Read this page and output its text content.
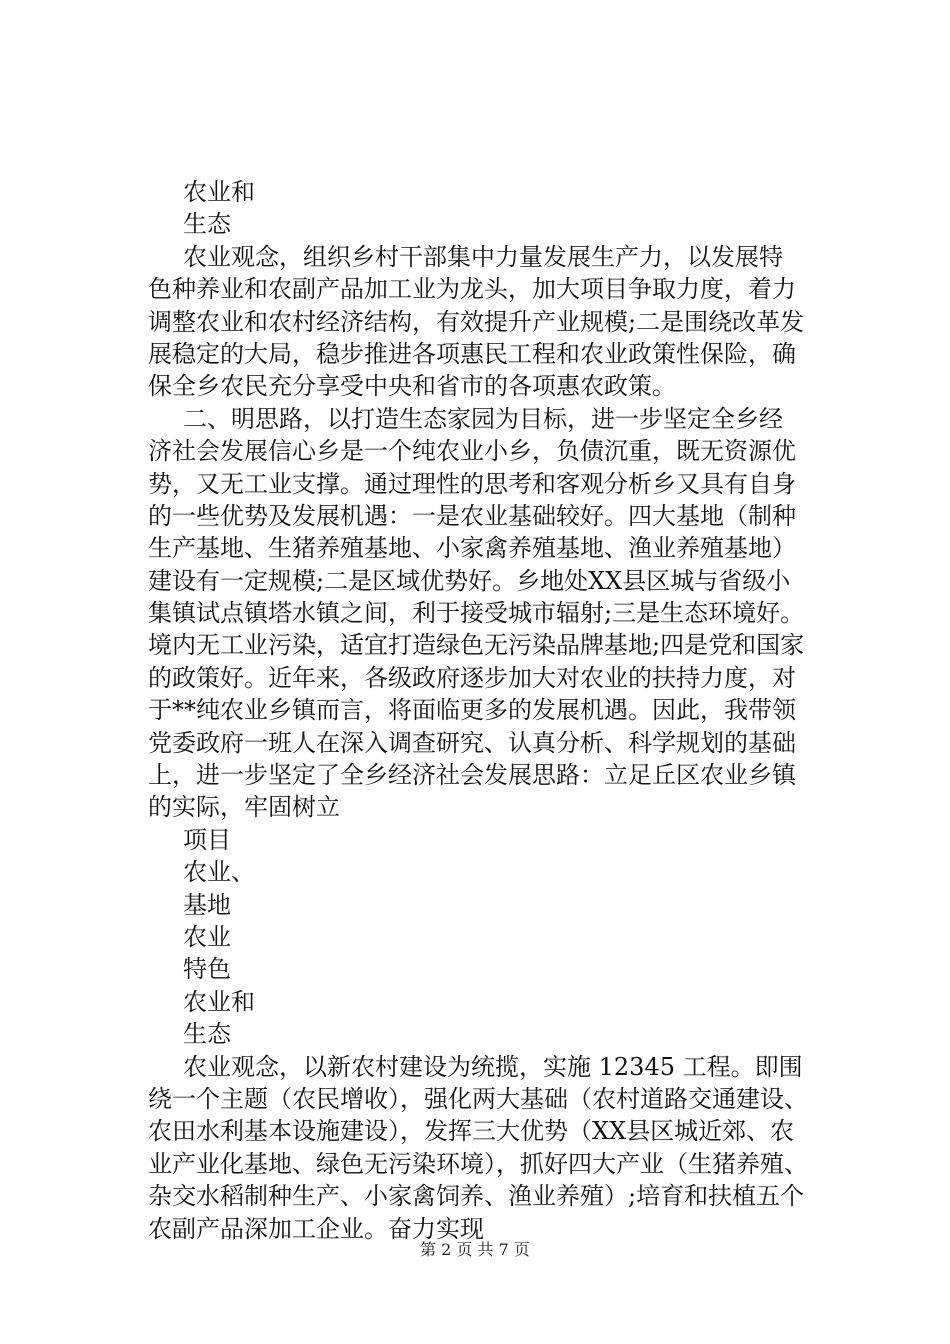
农业和
生态
农业观念，组织乡村干部集中力量发展生产力，以发展特
色种养业和农副产品加工业为龙头，加大项目争取力度，着力
调整农业和农村经济结构，有效提升产业规模;二是围绕改革发
展稳定的大局，稳步推进各项惠民工程和农业政策性保险，确
保全乡农民充分享受中央和省市的各项惠农政策。
二、明思路，以打造生态家园为目标，进一步坚定全乡经
济社会发展信心乡是一个纯农业小乡，负债沉重，既无资源优
势，又无工业支撑。通过理性的思考和客观分析乡又具有自身
的一些优势及发展机遇：一是农业基础较好。四大基地（制种
生产基地、生猪养殖基地、小家禽养殖基地、渔业养殖基地）
建设有一定规模;二是区域优势好。乡地处XX县区城与省级小
集镇试点镇塔水镇之间，利于接受城市辐射;三是生态环境好。
境内无工业污染，适宜打造绿色无污染品牌基地;四是党和国家
的政策好。近年来，各级政府逐步加大对农业的扶持力度，对
于**纯农业乡镇而言，将面临更多的发展机遇。因此，我带领
党委政府一班人在深入调查研究、认真分析、科学规划的基础
上，进一步坚定了全乡经济社会发展思路：立足丘区农业乡镇
的实际，牢固树立
项目
农业、
基地
农业
特色
农业和
生态
农业观念，以新农村建设为统揽，实施 12345 工程。即围
绕一个主题（农民增收），强化两大基础（农村道路交通建设、
农田水利基本设施建设），发挥三大优势（XX县区城近郊、农
业产业化基地、绿色无污染环境），抓好四大产业（生猪养殖、
杂交水稻制种生产、小家禽饲养、渔业养殖）;培育和扶植五个
农副产品深加工企业。奋力实现
第 2 页 共 7 页
